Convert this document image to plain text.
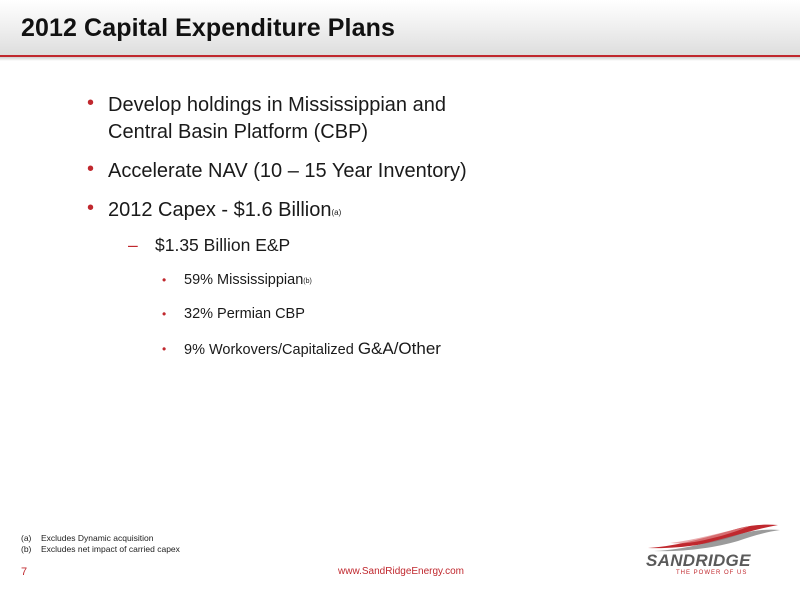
2012 Capital Expenditure Plans
• Develop holdings in Mississippian and
Central Basin Platform (CBP)
• Accelerate NAV (10 – 15 Year Inventory)
• 2012 Capex - $1.6 Billion$^{(a)}$
– $1.35 Billion E&P
• 59% Mississippian$^{(b)}$
• 32% Permian CBP
• 9% Workovers/Capitalized G&A/Other
(a) Excludes Dynamic acquisition
(b) Excludes net impact of carried capex
7	www.SandRidgeEnergy.com
SANDRIDGE
THE POWER OF US
